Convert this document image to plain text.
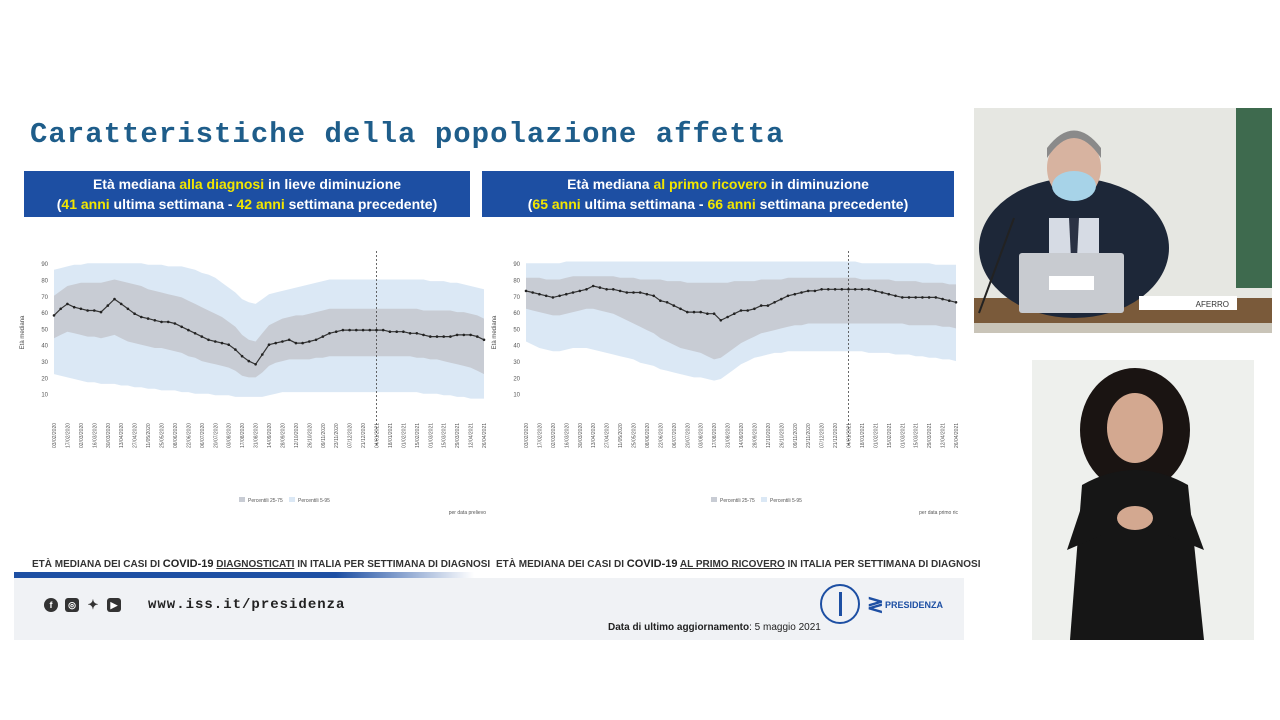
Caratteristiche della popolazione affetta
Età mediana alla diagnosi in lieve diminuzione
(41 anni ultima settimana - 42 anni settimana precedente)
Età mediana al primo ricovero in diminuzione
(65 anni ultima settimana - 66 anni settimana precedente)
10
20
30
40
50
60
70
80
90
Età mediana
03/02/2020 17/02/2020 02/03/2020 16/03/2020 30/03/2020 13/04/2020 27/04/2020 11/05/2020 25/05/2020 08/06/2020 22/06/2020 06/07/2020 20/07/2020 03/08/2020 17/08/2020 31/08/2020 14/09/2020 28/09/2020 12/10/2020 26/10/2020 09/11/2020 23/11/2020 07/12/2020 21/12/2020 04/01/2021 18/01/2021 01/02/2021 15/02/2021 01/03/2021 15/03/2021 29/03/2021 12/04/2021 26/04/2021
Percentili 25-75	Percentili 5-95
per data prelievo
10
20
30
40
50
60
70
80
90
Età mediana
03/02/2020 17/02/2020 02/03/2020 16/03/2020 30/03/2020 13/04/2020 27/04/2020 11/05/2020 25/05/2020 08/06/2020 22/06/2020 06/07/2020 20/07/2020 03/08/2020 17/08/2020 31/08/2020 14/09/2020 28/09/2020 12/10/2020 26/10/2020 09/11/2020 23/11/2020 07/12/2020 21/12/2020 04/01/2021 18/01/2021 01/02/2021 15/02/2021 01/03/2021 15/03/2021 29/03/2021 12/04/2021 26/04/2021
Percentili 25-75	Percentili 5-95
per data primo ric
ETÀ MEDIANA DEI CASI DI COVID-19 DIAGNOSTICATI IN ITALIA PER SETTIMANA DI DIAGNOSI ETÀ MEDIANA DEI CASI DI COVID-19 AL PRIMO RICOVERO IN ITALIA PER SETTIMANA DI DIAGNOSI
f	◎ ✦	▶ www.iss.it/presidenza	≷ PRESIDENZA
Data di ultimo aggiornamento: 5 maggio 2021
AFERRO
